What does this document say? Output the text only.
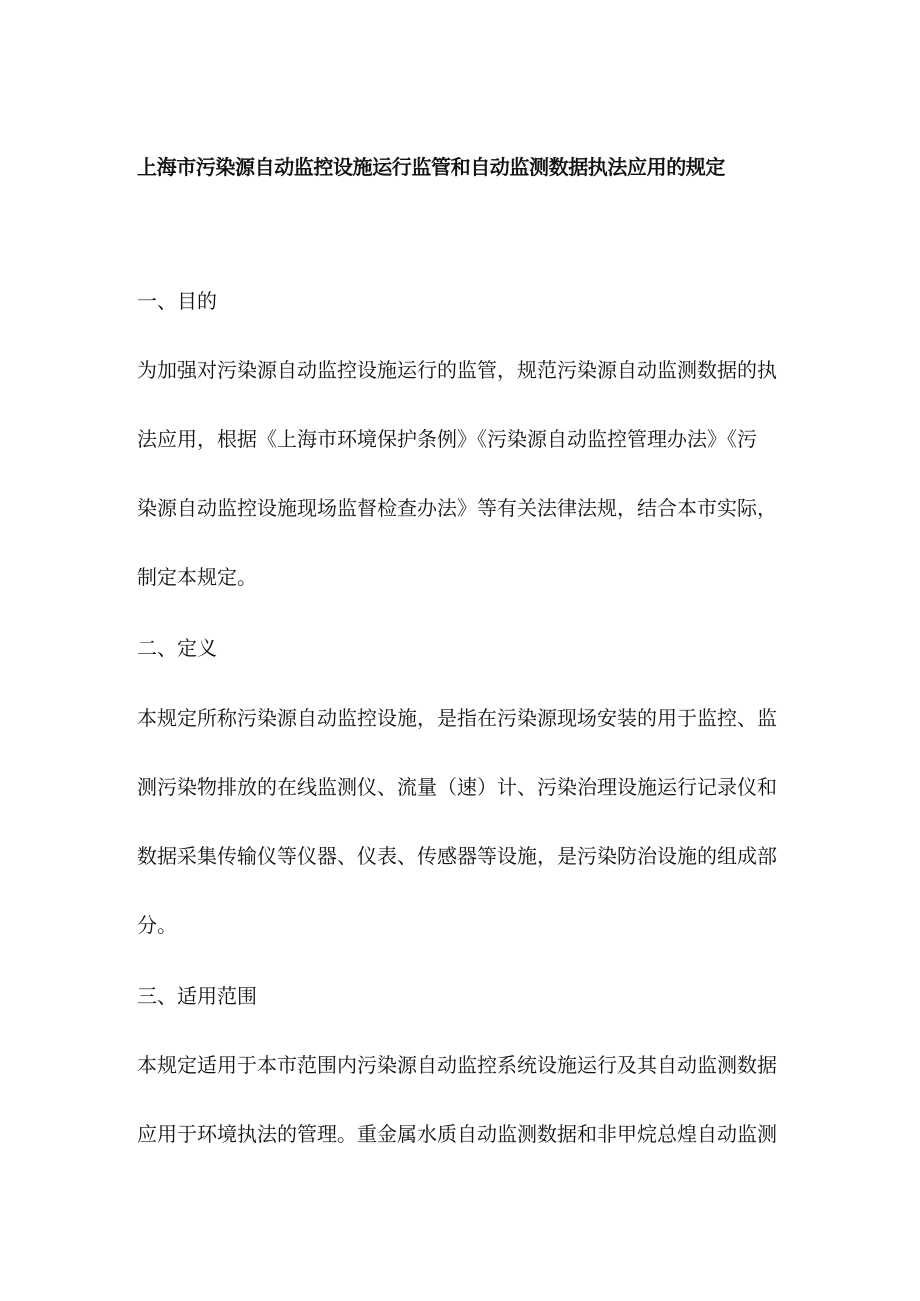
上海市污染源自动监控设施运行监管和自动监测数据执法应用的规定
一、目的
为加强对污染源自动监控设施运行的监管，规范污染源自动监测数据的执
法应用，根据《上海市环境保护条例》《污染源自动监控管理办法》《污
染源自动监控设施现场监督检查办法》等有关法律法规，结合本市实际，
制定本规定。
二、定义
本规定所称污染源自动监控设施，是指在污染源现场安装的用于监控、监
测污染物排放的在线监测仪、流量（速）计、污染治理设施运行记录仪和
数据采集传输仪等仪器、仪表、传感器等设施，是污染防治设施的组成部
分。
三、适用范围
本规定适用于本市范围内污染源自动监控系统设施运行及其自动监测数据
应用于环境执法的管理。重金属水质自动监测数据和非甲烷总煌自动监测
